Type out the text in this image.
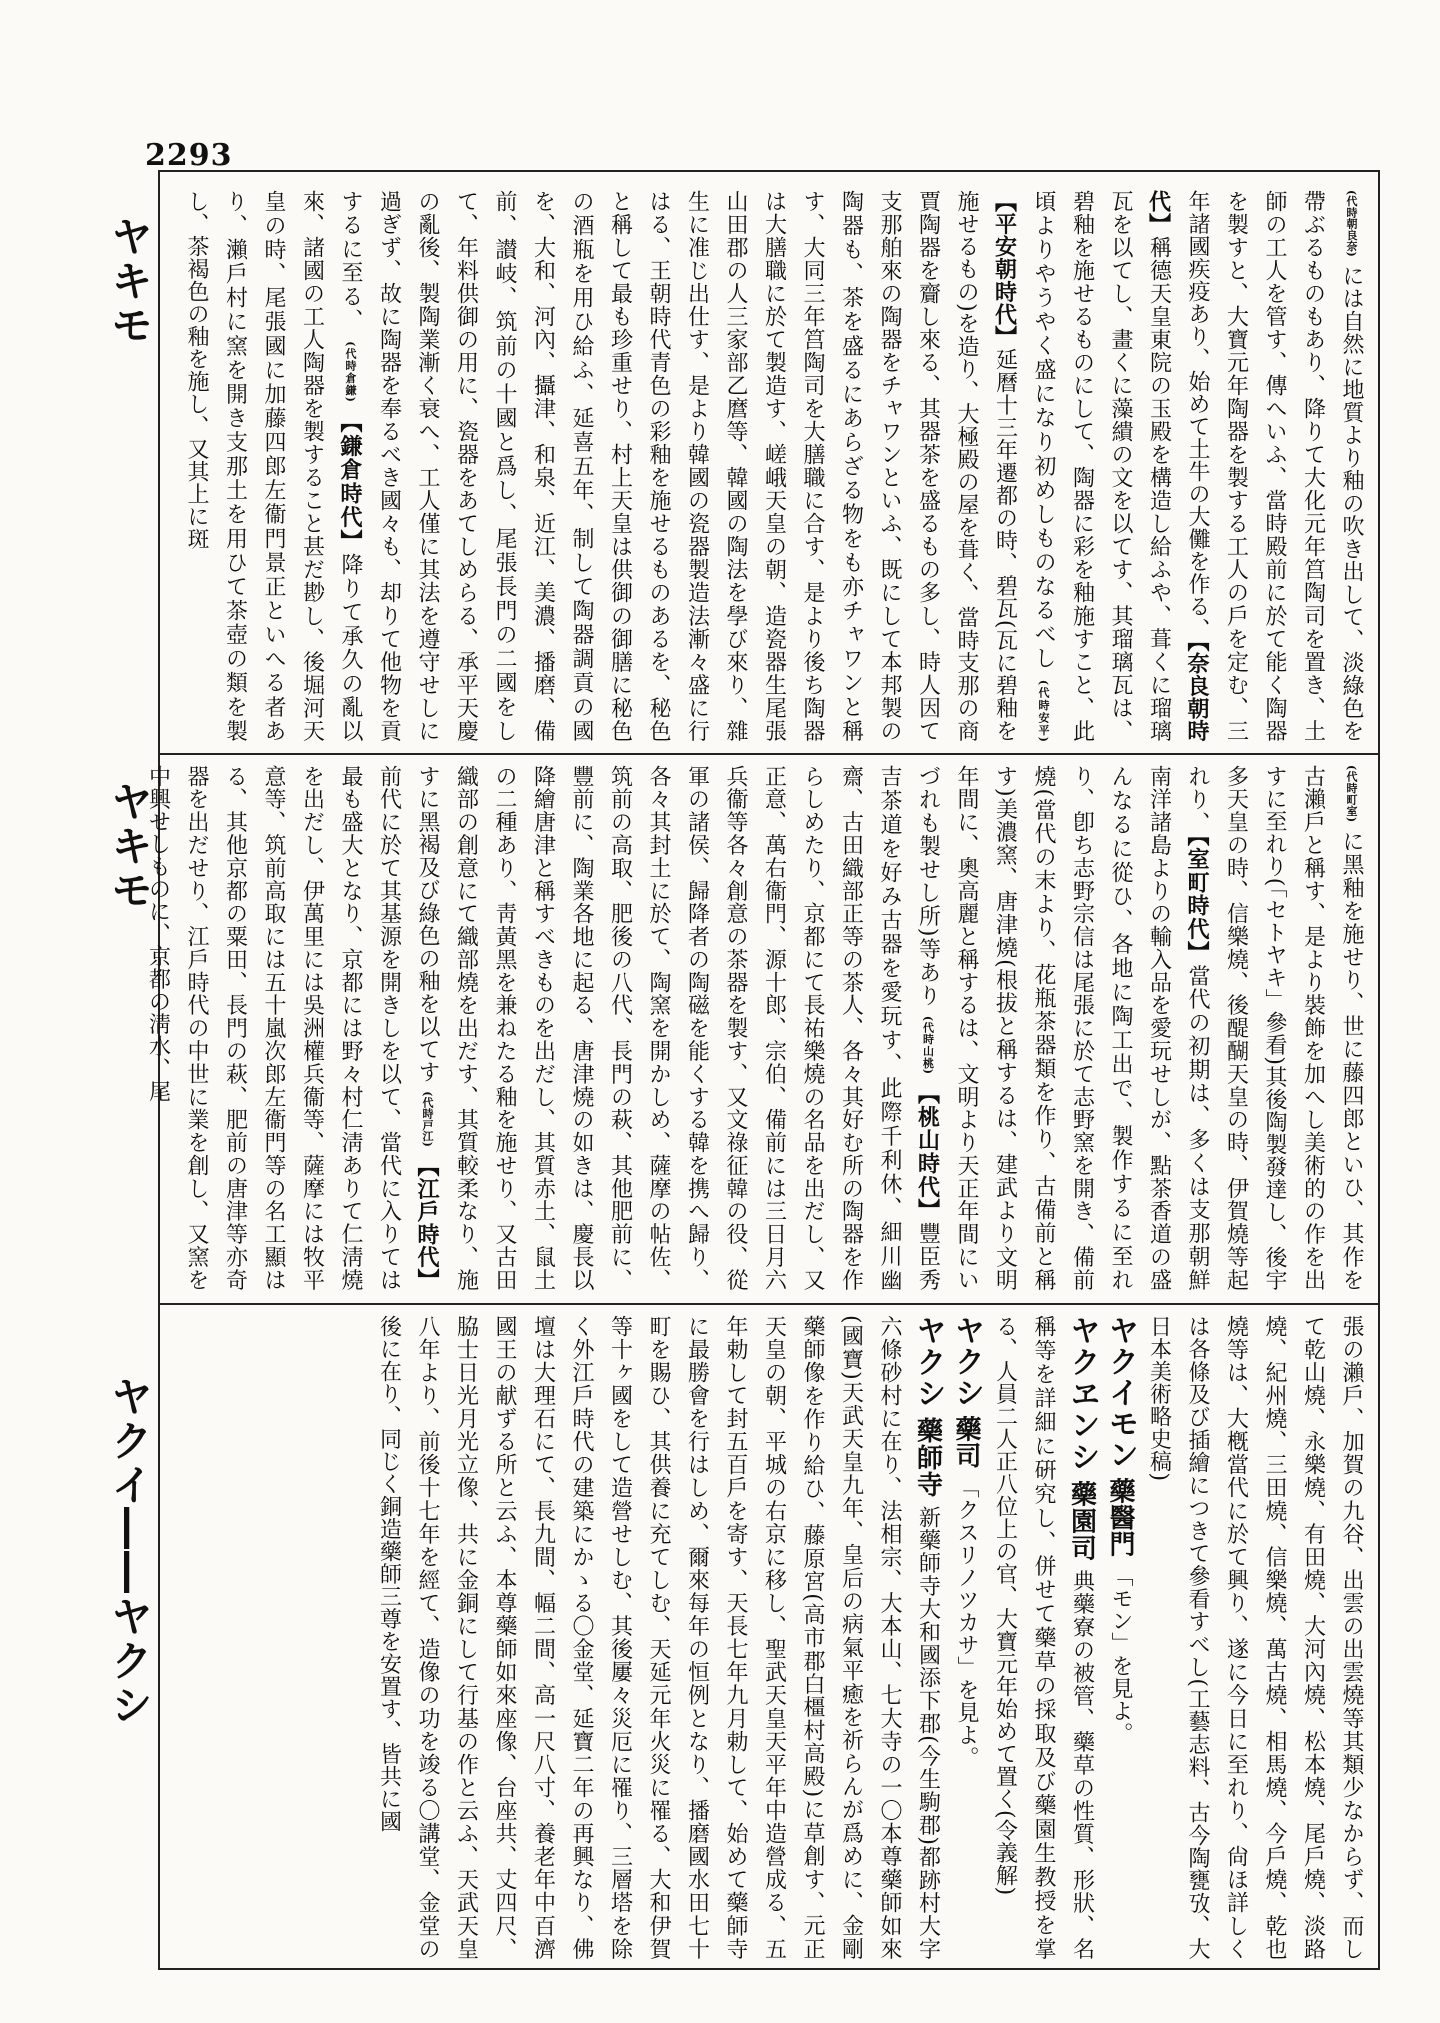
2293
ヤキモ
ヤキモ
ヤクイ――ヤクシ
(代時朝良奈) には自然に地質より釉の吹き出して、淡綠色を帶ぶるものもあり、降りて大化元年筥陶司を置き、土師の工人を管す、傳へいふ、當時殿前に於て能く陶器を製すと、大寶元年陶器を製する工人の戶を定む、三年諸國疾疫あり、始めて土牛の大儺を作る、【奈良朝時代】稱德天皇東院の玉殿を構造し給ふや、葺くに瑠璃瓦を以てし、畫くに藻繢の文を以てす、其瑠璃瓦は、碧釉を施せるものにして、陶器に彩を釉施すこと、此頃よりやうやく盛になり初めしものなるべし (代時安平) 【平安朝時代】延曆十三年遷都の時、碧瓦(瓦に碧釉を施せるもの)を造り、大極殿の屋を葺く、當時支那の商賈陶器を齎し來る、其器茶を盛るもの多し、時人因て支那舶來の陶器をチャワンといふ、既にして本邦製の陶器も、茶を盛るにあらざる物をも亦チャワンと稱す、大同三年筥陶司を大膳職に合す、是より後ち陶器は大膳職に於て製造す、嵯峨天皇の朝、造瓷器生尾張山田郡の人三家部乙麿等、韓國の陶法を學び來り、雜生に准じ出仕す、是より韓國の瓷器製造法漸々盛に行はる、王朝時代青色の彩釉を施せるものあるを、秘色と稱して最も珍重せり、村上天皇は供御の御膳に秘色の酒瓶を用ひ給ふ、延喜五年、制して陶器調貢の國を、大和、河內、攝津、和泉、近江、美濃、播磨、備前、讃岐、筑前の十國と爲し、尾張長門の二國をして、年料供御の用に、瓷器をあてしめらる、承平天慶の亂後、製陶業漸く衰へ、工人僅に其法を遵守せしに過ぎず、故に陶器を奉るべき國々も、却りて他物を貢するに至る、 (代時倉鎌) 【鎌倉時代】降りて承久の亂以來、諸國の工人陶器を製すること甚だ尠し、後堀河天皇の時、尾張國に加藤四郎左衞門景正といへる者あり、瀨戶村に窯を開き支那土を用ひて茶壺の類を製し、茶褐色の釉を施し、又其上に斑
(代時町室) に黑釉を施せり、世に藤四郎といひ、其作を古瀨戶と稱す、是より裝飾を加へし美術的の作を出すに至れり(「セトヤキ」參看)其後陶製發達し、後宇多天皇の時、信樂燒、後醍醐天皇の時、伊賀燒等起れり、【室町時代】當代の初期は、多くは支那朝鮮南洋諸島よりの輸入品を愛玩せしが、點茶香道の盛んなるに從ひ、各地に陶工出で、製作するに至れり、卽ち志野宗信は尾張に於て志野窯を開き、備前燒(當代の末より、花瓶茶器類を作り、古備前と稱す)美濃窯、唐津燒(根拔と稱するは、建武より文明年間に、奧高麗と稱するは、文明より天正年間にいづれも製せし所)等あり (代時山桃) 【桃山時代】豐臣秀吉茶道を好み古器を愛玩す、此際千利休、細川幽齋、古田織部正等の茶人、各々其好む所の陶器を作らしめたり、京都にて長祐樂燒の名品を出だし、又正意、萬右衞門、源十郎、宗伯、備前には三日月六兵衞等各々創意の茶器を製す、又文祿征韓の役、從軍の諸侯、歸降者の陶磁を能くする韓を携へ歸り、各々其封土に於て、陶窯を開かしめ、薩摩の帖佐、筑前の高取、肥後の八代、長門の萩、其他肥前に、豐前に、陶業各地に起る、唐津燒の如きは、慶長以降繪唐津と稱すべきものを出だし、其質赤土、鼠土の二種あり、靑黃黑を兼ねたる釉を施せり、又古田織部の創意にて織部燒を出だす、其質較柔なり、施すに黑褐及び綠色の釉を以てす (代時戸江) 【江戶時代】前代に於て其基源を開きしを以て、當代に入りては最も盛大となり、京都には野々村仁淸ありて仁淸燒を出だし、伊萬里には吳洲權兵衞等、薩摩には牧平意等、筑前高取には五十嵐次郎左衞門等の名工顯はる、其他京都の粟田、長門の萩、肥前の唐津等亦奇器を出だせり、江戶時代の中世に業を創し、又窯を中興せしものに、京都の淸水、尾
張の瀨戶、加賀の九谷、出雲の出雲燒等其類少なからず、而して乾山燒、永樂燒、有田燒、大河內燒、松本燒、尾戶燒、淡路燒、紀州燒、三田燒、信樂燒、萬古燒、相馬燒、今戶燒、乾也燒等は、大槪當代に於て興り、遂に今日に至れり、尙ほ詳しくは各條及び插繪につきて參看すべし(工藝志料、古今陶甕攷、大日本美術略史稿)
ヤクイモン 藥醫門 「モン」を見よ。
ヤクヱンシ 藥園司 典藥寮の被管、藥草の性質、形狀、名稱等を詳細に硏究し、併せて藥草の採取及び藥園生教授を掌る、人員二人正八位上の官、大寶元年始めて置く(令義解)
ヤクシ 藥司 「クスリノツカサ」を見よ。
ヤクシ 藥師寺 新藥師寺大和國添下郡(今生駒郡)都跡村大字六條砂村に在り、法相宗、大本山、七大寺の一〇本尊藥師如來(國寶)天武天皇九年、皇后の病氣平癒を祈らんが爲めに、金剛藥師像を作り給ひ、藤原宮(高市郡白橿村高殿)に草創す、元正天皇の朝、平城の右京に移し、聖武天皇天平年中造營成る、五年勅して封五百戶を寄す、天長七年九月勅して、始めて藥師寺に最勝會を行はしめ、爾來每年の恒例となり、播磨國水田七十町を賜ひ、其供養に充てしむ、天延元年火災に罹る、大和伊賀等十ヶ國をして造營せしむ、其後屢々災厄に罹り、三層塔を除く外江戶時代の建築にかゝる〇金堂、延寶二年の再興なり、佛壇は大理石にて、長九間、幅二間、高一尺八寸、養老年中百濟國王の献ずる所と云ふ、本尊藥師如來座像、台座共、丈四尺、脇士日光月光立像、共に金銅にして行基の作と云ふ、天武天皇八年より、前後十七年を經て、造像の功を竣る〇講堂、金堂の後に在り、同じく銅造藥師三尊を安置す、皆共に國
